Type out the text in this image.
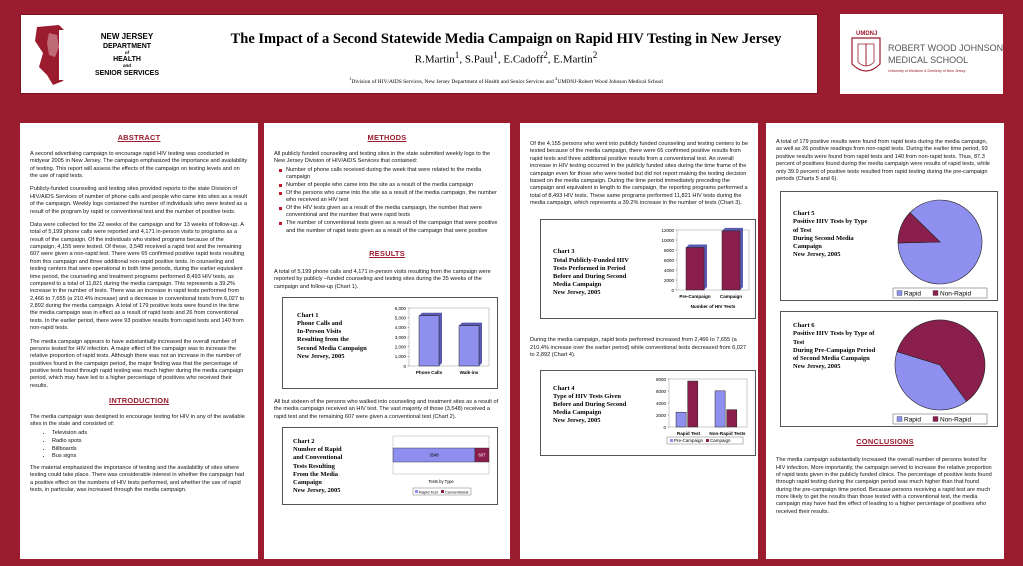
NEW JERSEY
DEPARTMENT
of
HEALTH
and
SENIOR SERVICES
The Impact of a Second Statewide Media Campaign on Rapid HIV Testing in New Jersey
R.Martin$^1$, S.Paul$^1$, E.Cadoff$^2$, E.Martin$^2$
$^1$Division of HIV/AIDS Services, New Jersey Department of Health and Senior Services and $^2$UMDNJ-Robert Wood Johnson Medical School
UMDNJ
ROBERT WOOD JOHNSON
MEDICAL SCHOOL
University of Medicine & Dentistry of New Jersey
ABSTRACT

A second advertising campaign to encourage rapid HIV testing was conducted in midyear 2005 in New Jersey. The campaign emphasized the importance and availability of testing. This report will assess the effects of the campaign on testing levels and on the use of rapid tests.

Publicly-funded counseling and testing sites provided reports to the state Division of HIV/AIDS Services of number of phone calls and people who came into sites as a result of the campaign. Weekly logs contained the number of individuals who were tested as a result of the program by rapid or conventional test and the number of positive tests.

Data were collected for the 22 weeks of the campaign and for 13 weeks of follow-up. A total of 5,199 phone calls were reported and 4,171 in-person visits to programs as a result of the campaign. Of the individuals who visited programs because of the campaign, 4,155 were tested. Of these, 3,548 received a rapid test and the remaining 607 were given a non-rapid test. There were 65 confirmed positive rapid tests resulting from this campaign and three additional non-rapid positive tests. In counseling and testing centers that were operational in both time periods, during the earlier equivalent time period, the counseling and treatment programs performed 8,493 HIV tests, as compared to a total of 11,821 during the media campaign. This represents a 39.2% increase in the number of tests. There was an increase in rapid tests performed from 2,466 to 7,655 (a 210.4% increase) and a decrease in conventional tests from 6,027 to 2,892 during the media campaign. A total of 179 positive tests were found in the time the media campaign was in effect as a result of rapid tests and 26 from conventional tests. In the earlier period, there were 93 positive results from rapid tests and 140 from non-rapid tests.

The media campaign appears to have substantially increased the overall number of persons tested for HIV infection. A major effect of the campaign was to increase the relative proportion of rapid tests. Although there was not an increase in the number of positives found in the campaign period, the major finding was that the percentage of positive tests found through rapid testing was much higher during the media campaign period, which may have led to a higher percentage of positives who received their results.

INTRODUCTION

The media campaign was designed to encourage testing for HIV in any of the available sites in the state and consisted of:

• Television ads
• Radio spots
• Billboards
• Bus signs

The material emphasized the importance of testing and the availability of sites where testing could take place. There was considerable interest in whether the campaign had a positive effect on the numbers of HIV tests performed, and whether the use of rapid tests, in particular, was increased through the media campaign.

METHODS

All publicly funded counseling and testing sites in the state submitted weekly logs to the New Jersey Division of HIV/AIDS Services that contained:

Number of phone calls received during the week that were related to the media campaign
Number of people who came into the site as a result of the media campaign
Of the persons who came into the site as a result of the media campaign, the number who received an HIV test
Of the HIV tests given as a result of the media campaign, the number that were conventional and the number that were rapid tests
The number of conventional tests given as a result of the campaign that were positive and the number of rapid tests given as a result of the campaign that were positive
RESULTS

A total of 5,199 phone calls and 4,171 in-person visits resulting from the campaign were reported by publicly –funded counseling and testing sites during the 35 weeks of the campaign and follow-up (Chart 1).

Chart 1
Phone Calls and
In-Person Visits
Resulting from the
Second Media Campaign
New Jersey, 2005
6,000
5,000
4,000
3,000
2,000
1,000
0
Phone Calls	Walk-ins

All but sixteen of the persons who walked into counseling and treatment sites as a result of the media campaign received an HIV test. The vast majority of those (3,548) received a rapid test and the remaining 607 were given a conventional test (Chart 2).

Chart 2
Number of Rapid
and Conventional
Tests Resulting
From the Media
Campaign
New Jersey, 2005
3548	607
Tests by Type
Rapid Test Conventional

Of the 4,155 persons who went into publicly funded counseling and testing centers to be tested because of the media campaign, there were 65 confirmed positive results from rapid tests and three additional positive results from a conventional test. An overall increase in HIV testing occurred in the publicly funded sites during the time frame of the campaign even for those who were tested but did not report making the testing decision based on the media campaign. During the time period immediately preceding the campaign and equivalent in length to the campaign, the reporting programs performed a total of 8,493 HIV tests. These same programs performed 11,821 HIV tests during the media campaign, which represents a 39.2% increase in the number of tests (Chart 3).

Chart 3
Total Publicly-Funded HIV
Tests Performed in Period
Before and During Second
Media Campaign
New Jersey, 2005
12000
10000
8000
6000
4000
2000
0
Pre-Campaign Campaign
Number of HIV Tests

During the media campaign, rapid tests performed increased from 2,466 to 7,655 (a 210.4% increase over the earlier period) while conventional tests decreased from 6,027 to 2,892 (Chart 4).

Chart 4
Type of HIV Tests Given
Before and During Second
Media Campaign
New Jersey, 2005
8000
6000
4000
2000
0
Rapid Test Non-Rapid Tests
Pre-Campaign Campaign

A total of 179 positive results were found from rapid tests during the media campaign, as well as 26 positive readings from non-rapid tests. During the earlier time period, 93 positive results were found from rapid tests and 140 from non-rapid tests. Thus, 87.3 percent of positives found during the media campaign were results of rapid tests, while only 39.9 percent of positive tests resulted from rapid testing during the pre-campaign periods (Charts 5 and 6).

Chart 5
Positive HIV Tests by Type
of Test
During Second Media
Campaign
New Jersey, 2005
Rapid	Non-Rapid
Chart 6
Positive HIV Tests by Type of
Test
During Pre-Campaign Period
of Second Media Campaign
New Jersey, 2005
Rapid	Non-Rapid
CONCLUSIONS

The media campaign substantially increased the overall number of persons tested for HIV infection. More importantly, the campaign served to increase the relative proportion of rapid tests given in the publicly funded clinics. The percentage of positive tests found through rapid testing during the campaign period was much higher than that found during the pre-campaign time period. Because persons receiving a rapid test are much more likely to get the results than those tested with a conventional test, the media campaign may have had the effect of leading to a higher percentage of positives who received their results.
